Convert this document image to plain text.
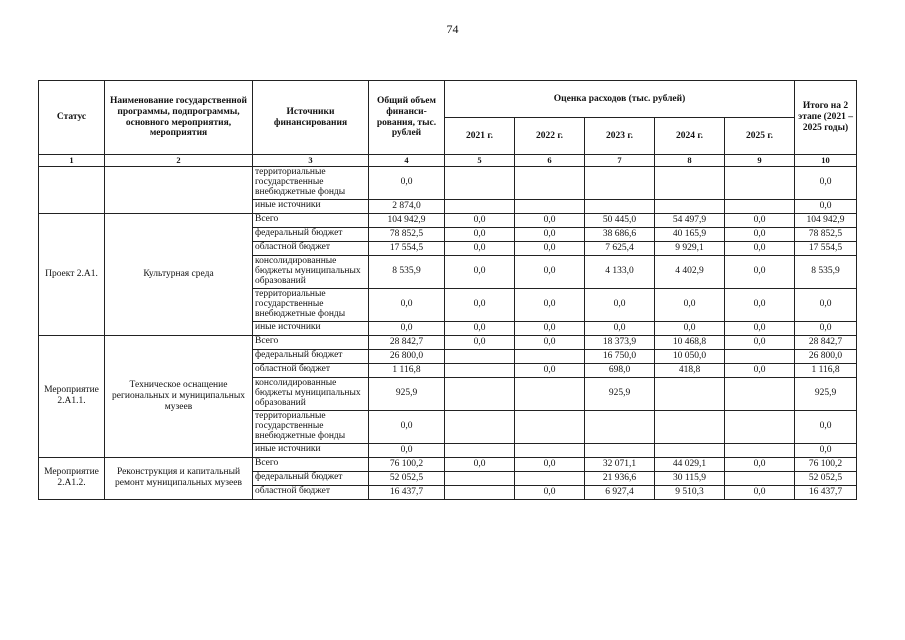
74
Статус	Наименование государственной программы, подпрограммы, основного мероприятия, мероприятия	Источники финансирования	Общий объем финанси-рования, тыс. рублей	Оценка расходов (тыс. рублей)					Итого на 2 этапе (2021 – 2025 годы)
				2021 г.	2022 г.	2023 г.	2024 г.	2025 г.	
1	2	3	4	5	6	7	8	9	10
		территориальные государственные внебюджетные фонды	0,0						0,0
		иные источники	2 874,0						0,0
Проект 2.А1.	Культурная среда	Всего	104 942,9	0,0	0,0	50 445,0	54 497,9	0,0	104 942,9
		федеральный бюджет	78 852,5	0,0	0,0	38 686,6	40 165,9	0,0	78 852,5
		областной бюджет	17 554,5	0,0	0,0	7 625,4	9 929,1	0,0	17 554,5
		консолидированные бюджеты муниципальных образований	8 535,9	0,0	0,0	4 133,0	4 402,9	0,0	8 535,9
		территориальные государственные внебюджетные фонды	0,0	0,0	0,0	0,0	0,0	0,0	0,0
		иные источники	0,0	0,0	0,0	0,0	0,0	0,0	0,0
Мероприятие 2.А1.1.	Техническое оснащение региональных и муниципальных музеев	Всего	28 842,7	0,0	0,0	18 373,9	10 468,8	0,0	28 842,7
		федеральный бюджет	26 800,0			16 750,0	10 050,0		26 800,0
		областной бюджет	1 116,8		0,0	698,0	418,8	0,0	1 116,8
		консолидированные бюджеты муниципальных образований	925,9			925,9			925,9
		территориальные государственные внебюджетные фонды	0,0						0,0
		иные источники	0,0						0,0
Мероприятие 2.А1.2.	Реконструкция и капитальный ремонт муниципальных музеев	Всего	76 100,2	0,0	0,0	32 071,1	44 029,1	0,0	76 100,2
		федеральный бюджет	52 052,5			21 936,6	30 115,9		52 052,5
		областной бюджет	16 437,7		0,0	6 927,4	9 510,3	0,0	16 437,7
